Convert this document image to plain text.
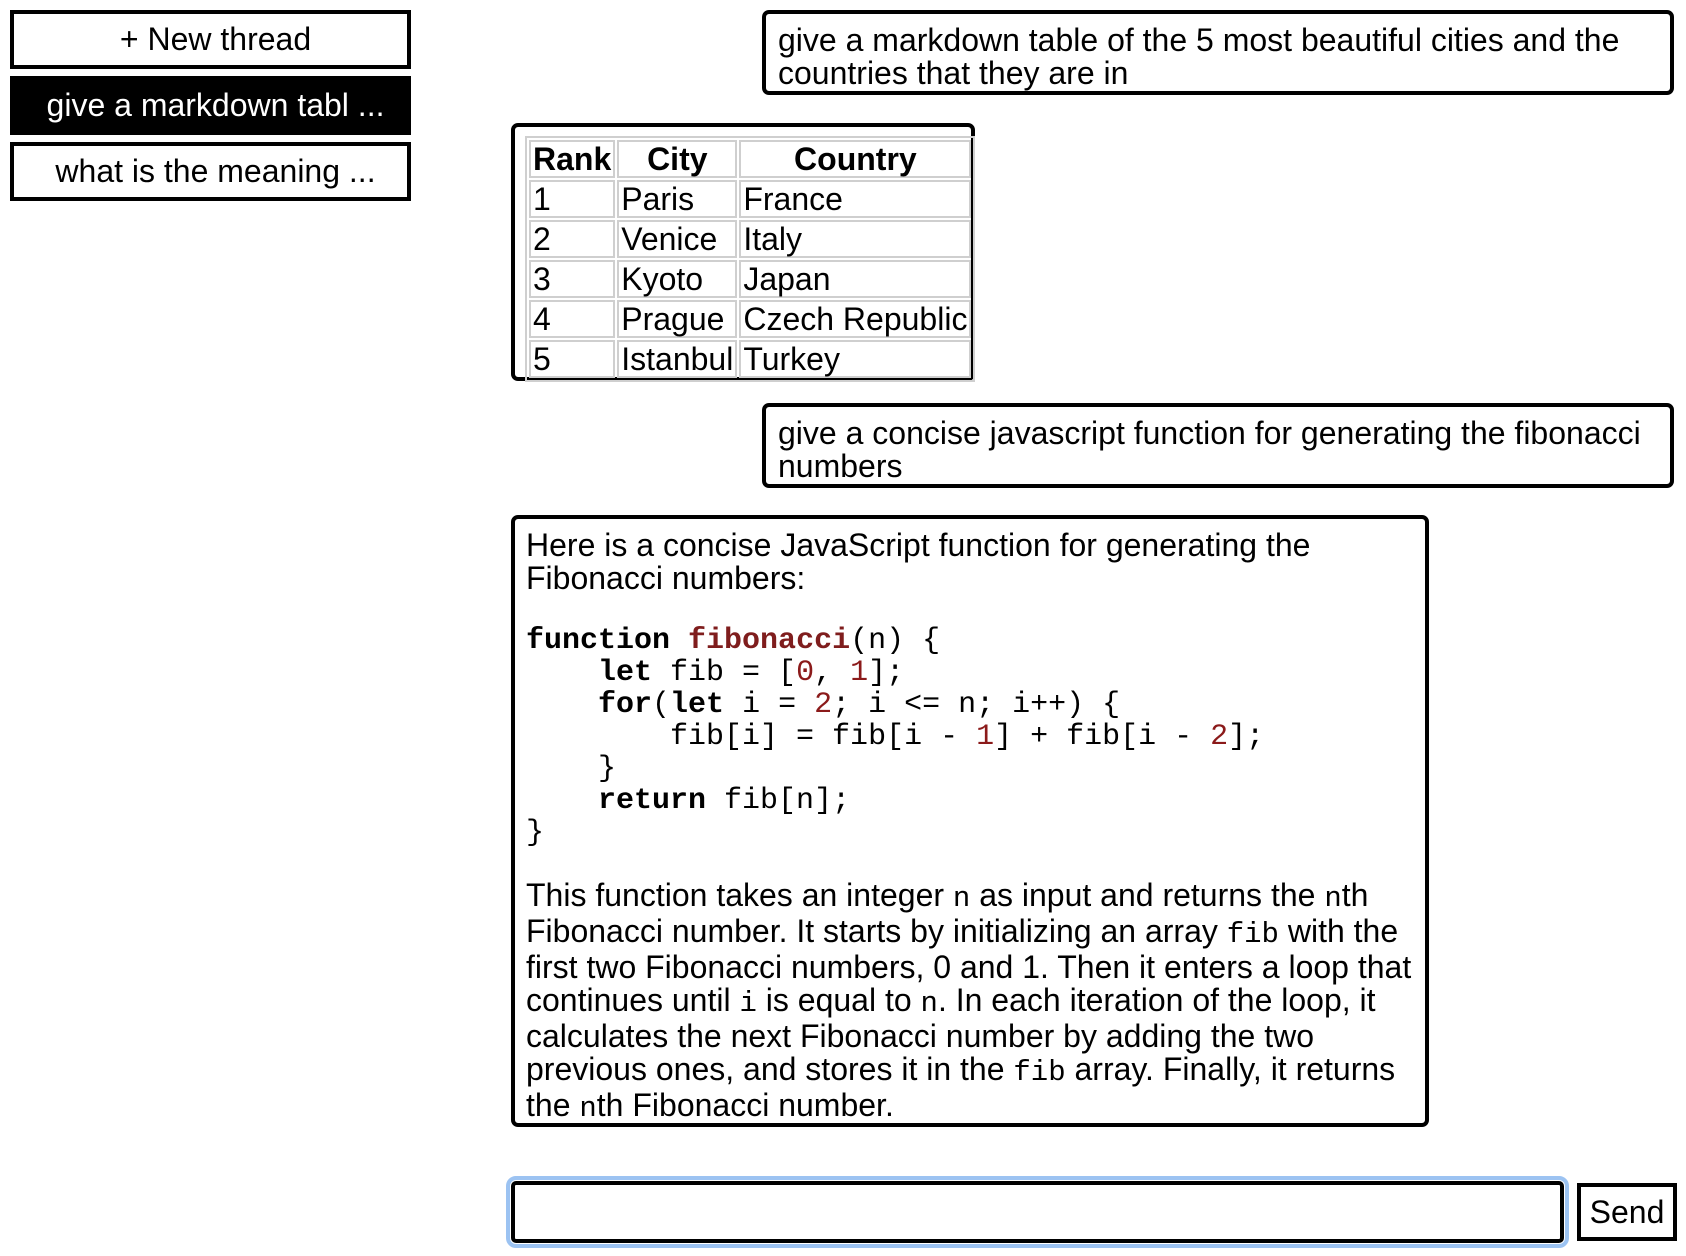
+ New thread
give a markdown tabl ...
what is the meaning ...

give a markdown table of the 5 most beautiful cities and the countries that they are in

Rank	City	Country
1	Paris	France
2	Venice	Italy
3	Kyoto	Japan
4	Prague	Czech Republic
5	Istanbul	Turkey

give a concise javascript function for generating the fibonacci numbers

Here is a concise JavaScript function for generating the Fibonacci numbers:

function fibonacci(n) {
let fib = [0, 1];
for(let i = 2; i <= n; i++) {
fib[i] = fib[i - 1] + fib[i - 2];
}
return fib[n];
}

This function takes an integer n as input and returns the nth Fibonacci number. It starts by initializing an array fib with the first two Fibonacci numbers, 0 and 1. Then it enters a loop that continues until i is equal to n. In each iteration of the loop, it calculates the next Fibonacci number by adding the two previous ones, and stores it in the fib array. Finally, it returns the nth Fibonacci number.

Send
